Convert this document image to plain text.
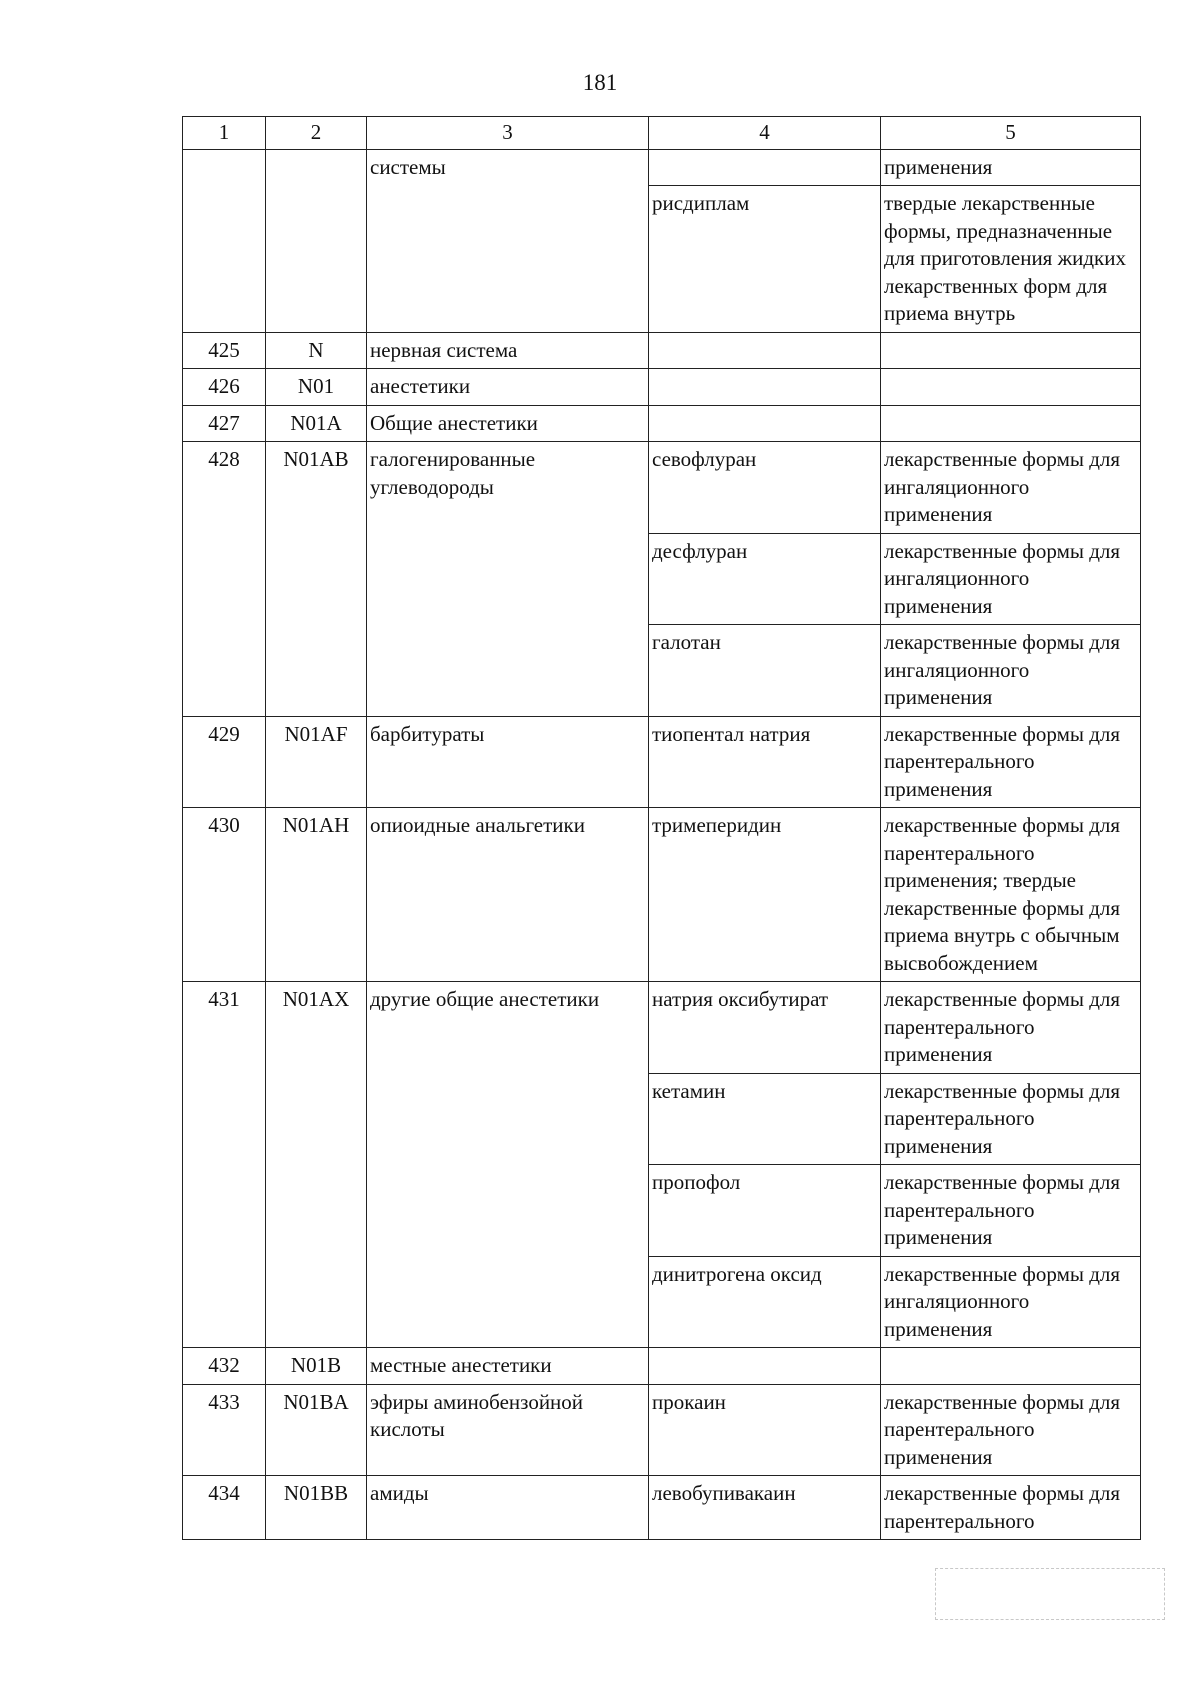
181
1	2	3	4	5
		системы		применения
			рисдиплам	твердые лекарственные формы, предназначенные для приготовления жидких лекарственных форм для приема внутрь
425	N	нервная система		
426	N01	анестетики		
427	N01A	Общие анестетики		
428	N01AB	галогенированные углеводороды	севофлуран	лекарственные формы для ингаляционного применения
			десфлуран	лекарственные формы для ингаляционного применения
			галотан	лекарственные формы для ингаляционного применения
429	N01AF	барбитураты	тиопентал натрия	лекарственные формы для парентерального применения
430	N01AH	опиоидные анальгетики	тримеперидин	лекарственные формы для парентерального применения; твердые лекарственные формы для приема внутрь с обычным высвобождением
431	N01AX	другие общие анестетики	натрия оксибутират	лекарственные формы для парентерального применения
			кетамин	лекарственные формы для парентерального применения
			пропофол	лекарственные формы для парентерального применения
			динитрогена оксид	лекарственные формы для ингаляционного применения
432	N01B	местные анестетики		
433	N01BA	эфиры аминобензойной кислоты	прокаин	лекарственные формы для парентерального применения
434	N01BB	амиды	левобупивакаин	лекарственные формы для парентерального
